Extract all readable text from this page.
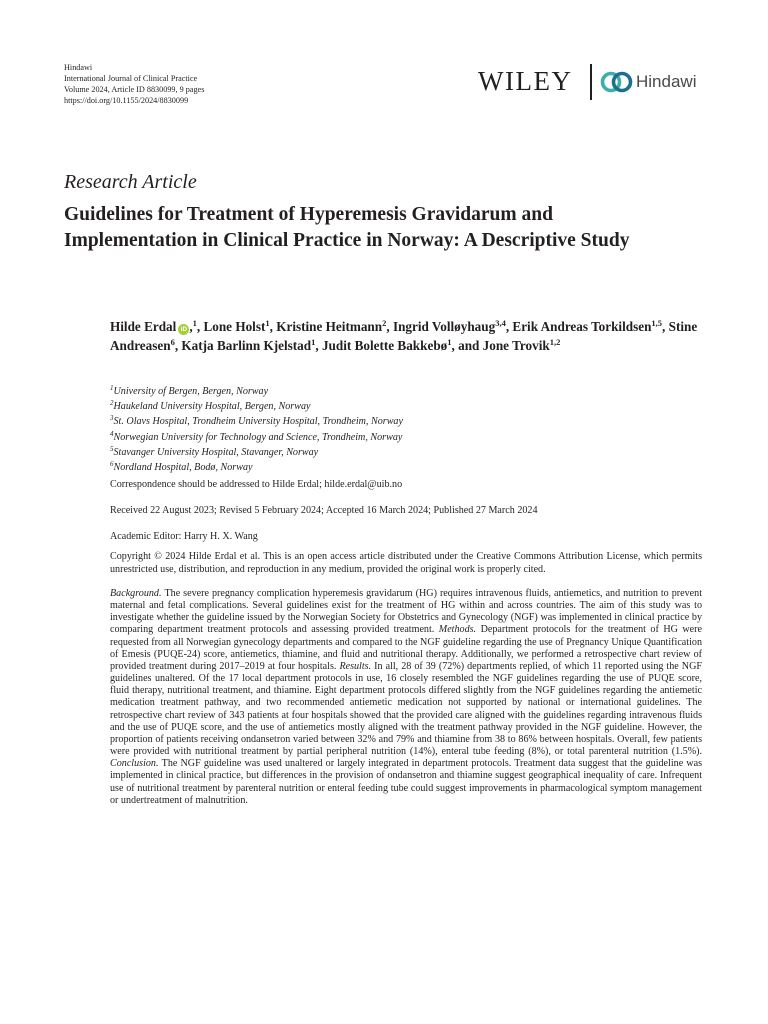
Hindawi
International Journal of Clinical Practice
Volume 2024, Article ID 8830099, 9 pages
https://doi.org/10.1155/2024/8830099
WILEY	Hindawi
Research Article
Guidelines for Treatment of Hyperemesis Gravidarum and Implementation in Clinical Practice in Norway: A Descriptive Study
Hilde Erdal iD ,$^1$, Lone Holst$^1$, Kristine Heitmann$^2$, Ingrid Volløyhaug$^{3,4}$, Erik Andreas Torkildsen$^{1,5}$, Stine Andreasen$^6$, Katja Barlinn Kjelstad$^1$, Judit Bolette Bakkebø$^1$, and Jone Trovik$^{1,2}$
$^1$University of Bergen, Bergen, Norway
$^2$Haukeland University Hospital, Bergen, Norway
$^3$St. Olavs Hospital, Trondheim University Hospital, Trondheim, Norway
$^4$Norwegian University for Technology and Science, Trondheim, Norway
$^5$Stavanger University Hospital, Stavanger, Norway
$^6$Nordland Hospital, Bodø, Norway
Correspondence should be addressed to Hilde Erdal; hilde.erdal@uib.no
Received 22 August 2023; Revised 5 February 2024; Accepted 16 March 2024; Published 27 March 2024
Academic Editor: Harry H. X. Wang
Copyright © 2024 Hilde Erdal et al. This is an open access article distributed under the Creative Commons Attribution License, which permits unrestricted use, distribution, and reproduction in any medium, provided the original work is properly cited.
Background. The severe pregnancy complication hyperemesis gravidarum (HG) requires intravenous fluids, antiemetics, and nutrition to prevent maternal and fetal complications. Several guidelines exist for the treatment of HG within and across countries. The aim of this study was to investigate whether the guideline issued by the Norwegian Society for Obstetrics and Gynecology (NGF) was implemented in clinical practice by comparing department treatment protocols and assessing provided treatment. Methods. Department protocols for the treatment of HG were requested from all Norwegian gynecology departments and compared to the NGF guideline regarding the use of Pregnancy Unique Quantification of Emesis (PUQE-24) score, antiemetics, thiamine, and fluid and nutritional therapy. Additionally, we performed a retrospective chart review of provided treatment during 2017–2019 at four hospitals. Results. In all, 28 of 39 (72%) departments replied, of which 11 reported using the NGF guidelines unaltered. Of the 17 local department protocols in use, 16 closely resembled the NGF guidelines regarding the use of PUQE score, fluid therapy, nutritional treatment, and thiamine. Eight department protocols differed slightly from the NGF guidelines regarding the antiemetic medication treatment pathway, and two recommended antiemetic medication not supported by national or international guidelines. The retrospective chart review of 343 patients at four hospitals showed that the provided care aligned with the guidelines regarding intravenous fluids and the use of PUQE score, and the use of antiemetics mostly aligned with the treatment pathway provided in the NGF guideline. However, the proportion of patients receiving ondansetron varied between 32% and 79% and thiamine from 38 to 86% between hospitals. Overall, few patients were provided with nutritional treatment by partial peripheral nutrition (14%), enteral tube feeding (8%), or total parenteral nutrition (1.5%). Conclusion. The NGF guideline was used unaltered or largely integrated in department protocols. Treatment data suggest that the guideline was implemented in clinical practice, but differences in the provision of ondansetron and thiamine suggest geographical inequality of care. Infrequent use of nutritional treatment by parenteral nutrition or enteral feeding tube could suggest improvements in pharmacological symptom management or undertreatment of malnutrition.
